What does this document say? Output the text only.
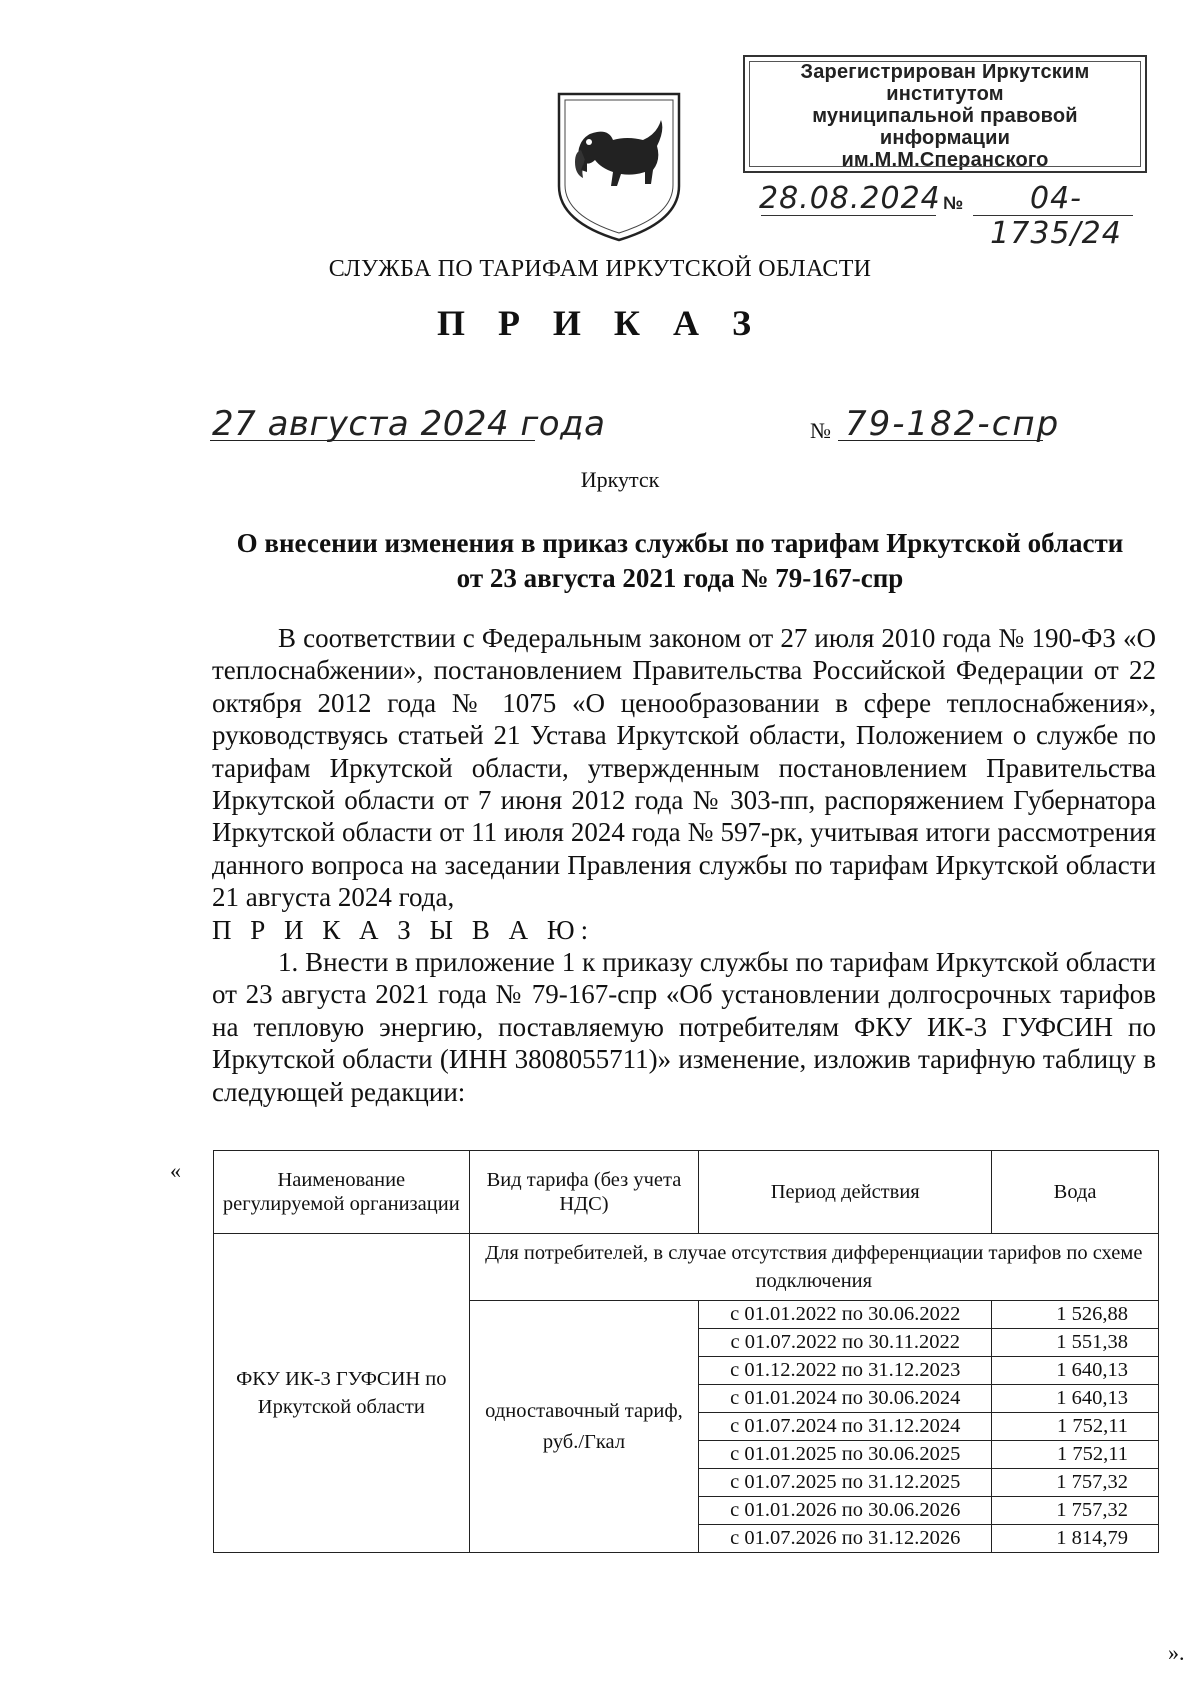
Зарегистрирован Иркутским институтом
муниципальной правовой информации
им.М.М.Сперанского
28.08.2024 №	04-1735/24
СЛУЖБА ПО ТАРИФАМ ИРКУТСКОЙ ОБЛАСТИ
П Р И К А З
27 августа 2024 года	№ 79-182-спр
Иркутск
О внесении изменения в приказ службы по тарифам Иркутской области
от 23 августа 2021 года № 79-167-спр

В соответствии с Федеральным законом от 27 июля 2010 года № 190-ФЗ «О теплоснабжении», постановлением Правительства Российской Федерации от 22 октября 2012 года № 1075 «О ценообразовании в сфере теплоснабжения», руководствуясь статьей 21 Устава Иркутской области, Положением о службе по тарифам Иркутской области, утвержденным постановлением Правительства Иркутской области от 7 июня 2012 года № 303-пп, распоряжением Губернатора Иркутской области от 11 июля 2024 года № 597-рк, учитывая итоги рассмотрения данного вопроса на заседании Правления службы по тарифам Иркутской области 21 августа 2024 года,

П Р И К А З Ы В А Ю:

1. Внести в приложение 1 к приказу службы по тарифам Иркутской области от 23 августа 2021 года № 79-167-спр «Об установлении долгосрочных тарифов на тепловую энергию, поставляемую потребителям ФКУ ИК-3 ГУФСИН по Иркутской области (ИНН 3808055711)» изменение, изложив тарифную таблицу в следующей редакции:

«
».
Наименование регулируемой организации	Вид тарифа (без учета НДС)	Период действия	Вода
ФКУ ИК-3 ГУФСИН по Иркутской области	Для потребителей, в случае отсутствия дифференциации тарифов по схеме подключения		
	одноставочный тариф, руб./Гкал	с 01.01.2022 по 30.06.2022	1 526,88
		с 01.07.2022 по 30.11.2022	1 551,38
		с 01.12.2022 по 31.12.2023	1 640,13
		с 01.01.2024 по 30.06.2024	1 640,13
		с 01.07.2024 по 31.12.2024	1 752,11
		с 01.01.2025 по 30.06.2025	1 752,11
		с 01.07.2025 по 31.12.2025	1 757,32
		с 01.01.2026 по 30.06.2026	1 757,32
		с 01.07.2026 по 31.12.2026	1 814,79
